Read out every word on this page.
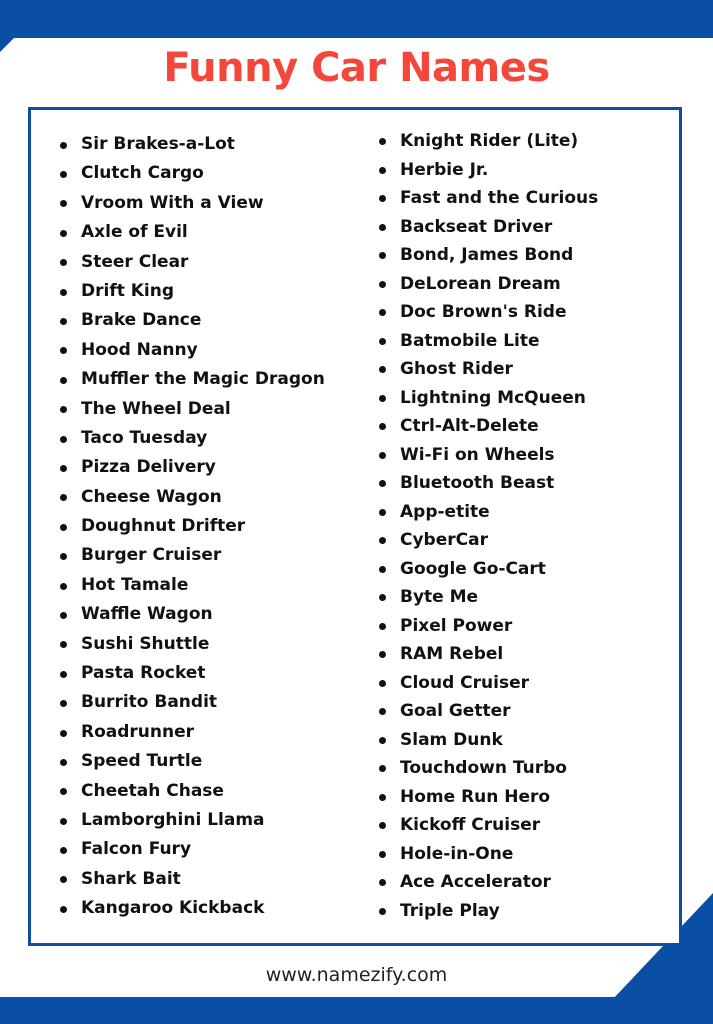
Funny Car Names
Sir Brakes-a-Lot
Clutch Cargo
Vroom With a View
Axle of Evil
Steer Clear
Drift King
Brake Dance
Hood Nanny
Muffler the Magic Dragon
The Wheel Deal
Taco Tuesday
Pizza Delivery
Cheese Wagon
Doughnut Drifter
Burger Cruiser
Hot Tamale
Waffle Wagon
Sushi Shuttle
Pasta Rocket
Burrito Bandit
Roadrunner
Speed Turtle
Cheetah Chase
Lamborghini Llama
Falcon Fury
Shark Bait
Kangaroo Kickback
Knight Rider (Lite)
Herbie Jr.
Fast and the Curious
Backseat Driver
Bond, James Bond
DeLorean Dream
Doc Brown's Ride
Batmobile Lite
Ghost Rider
Lightning McQueen
Ctrl-Alt-Delete
Wi-Fi on Wheels
Bluetooth Beast
App-etite
CyberCar
Google Go-Cart
Byte Me
Pixel Power
RAM Rebel
Cloud Cruiser
Goal Getter
Slam Dunk
Touchdown Turbo
Home Run Hero
Kickoff Cruiser
Hole-in-One
Ace Accelerator
Triple Play
www.namezify.com
